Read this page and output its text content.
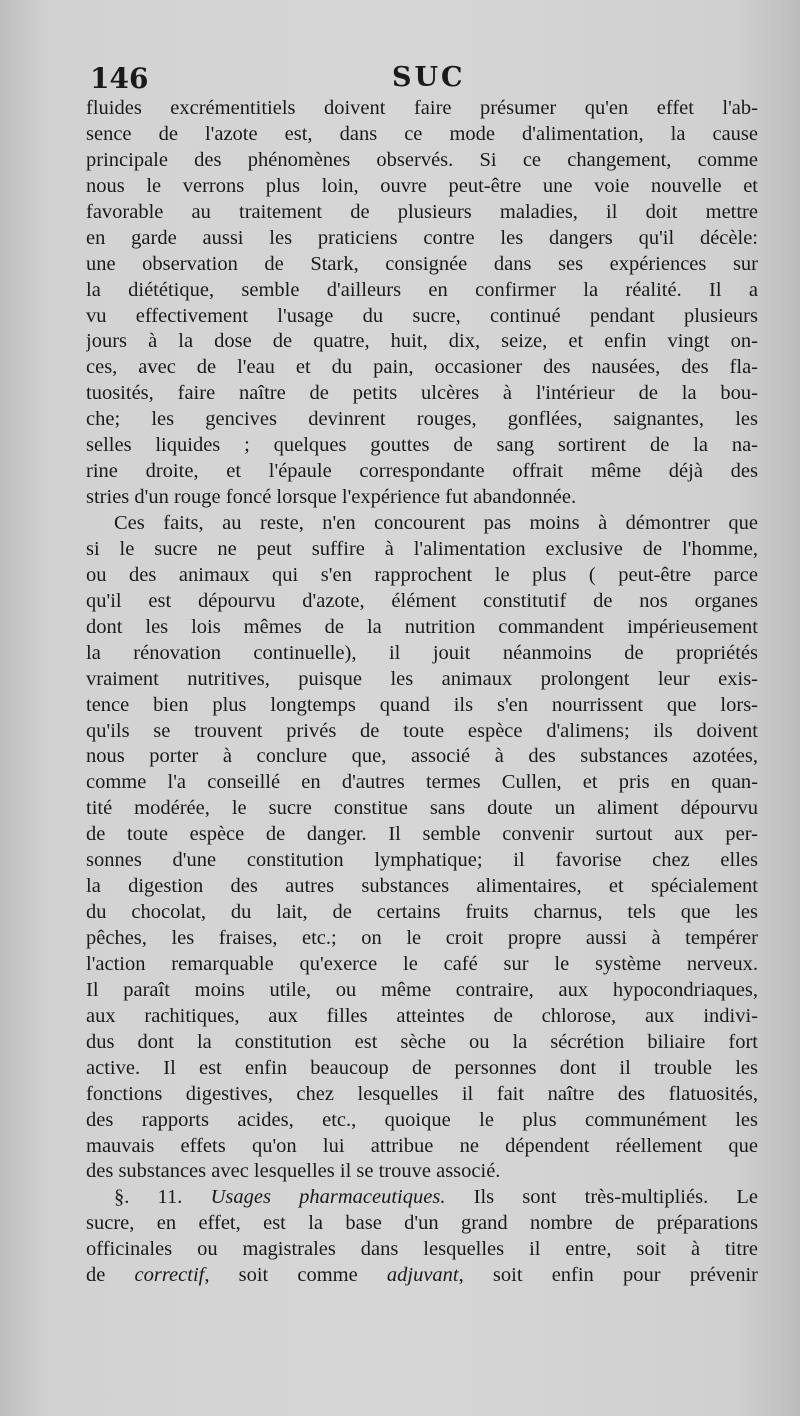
146	SUC
fluides excrémentitiels doivent faire présumer qu'en effet l'ab-
sence de l'azote est, dans ce mode d'alimentation, la cause
principale des phénomènes observés. Si ce changement, comme
nous le verrons plus loin, ouvre peut-être une voie nouvelle et
favorable au traitement de plusieurs maladies, il doit mettre
en garde aussi les praticiens contre les dangers qu'il décèle:
une observation de Stark, consignée dans ses expériences sur
la diététique, semble d'ailleurs en confirmer la réalité. Il a
vu effectivement l'usage du sucre, continué pendant plusieurs
jours à la dose de quatre, huit, dix, seize, et enfin vingt on-
ces, avec de l'eau et du pain, occasioner des nausées, des fla-
tuosités, faire naître de petits ulcères à l'intérieur de la bou-
che; les gencives devinrent rouges, gonflées, saignantes, les
selles liquides ; quelques gouttes de sang sortirent de la na-
rine droite, et l'épaule correspondante offrait même déjà des
stries d'un rouge foncé lorsque l'expérience fut abandonnée.
Ces faits, au reste, n'en concourent pas moins à démontrer que
si le sucre ne peut suffire à l'alimentation exclusive de l'homme,
ou des animaux qui s'en rapprochent le plus ( peut-être parce
qu'il est dépourvu d'azote, élément constitutif de nos organes
dont les lois mêmes de la nutrition commandent impérieusement
la rénovation continuelle), il jouit néanmoins de propriétés
vraiment nutritives, puisque les animaux prolongent leur exis-
tence bien plus longtemps quand ils s'en nourrissent que lors-
qu'ils se trouvent privés de toute espèce d'alimens; ils doivent
nous porter à conclure que, associé à des substances azotées,
comme l'a conseillé en d'autres termes Cullen, et pris en quan-
tité modérée, le sucre constitue sans doute un aliment dépourvu
de toute espèce de danger. Il semble convenir surtout aux per-
sonnes d'une constitution lymphatique; il favorise chez elles
la digestion des autres substances alimentaires, et spécialement
du chocolat, du lait, de certains fruits charnus, tels que les
pêches, les fraises, etc.; on le croit propre aussi à tempérer
l'action remarquable qu'exerce le café sur le système nerveux.
Il paraît moins utile, ou même contraire, aux hypocondriaques,
aux rachitiques, aux filles atteintes de chlorose, aux indivi-
dus dont la constitution est sèche ou la sécrétion biliaire fort
active. Il est enfin beaucoup de personnes dont il trouble les
fonctions digestives, chez lesquelles il fait naître des flatuosités,
des rapports acides, etc., quoique le plus communément les
mauvais effets qu'on lui attribue ne dépendent réellement que
des substances avec lesquelles il se trouve associé.
§. 11. Usages pharmaceutiques. Ils sont très-multipliés. Le
sucre, en effet, est la base d'un grand nombre de préparations
officinales ou magistrales dans lesquelles il entre, soit à titre
de correctif, soit comme adjuvant, soit enfin pour prévenir
